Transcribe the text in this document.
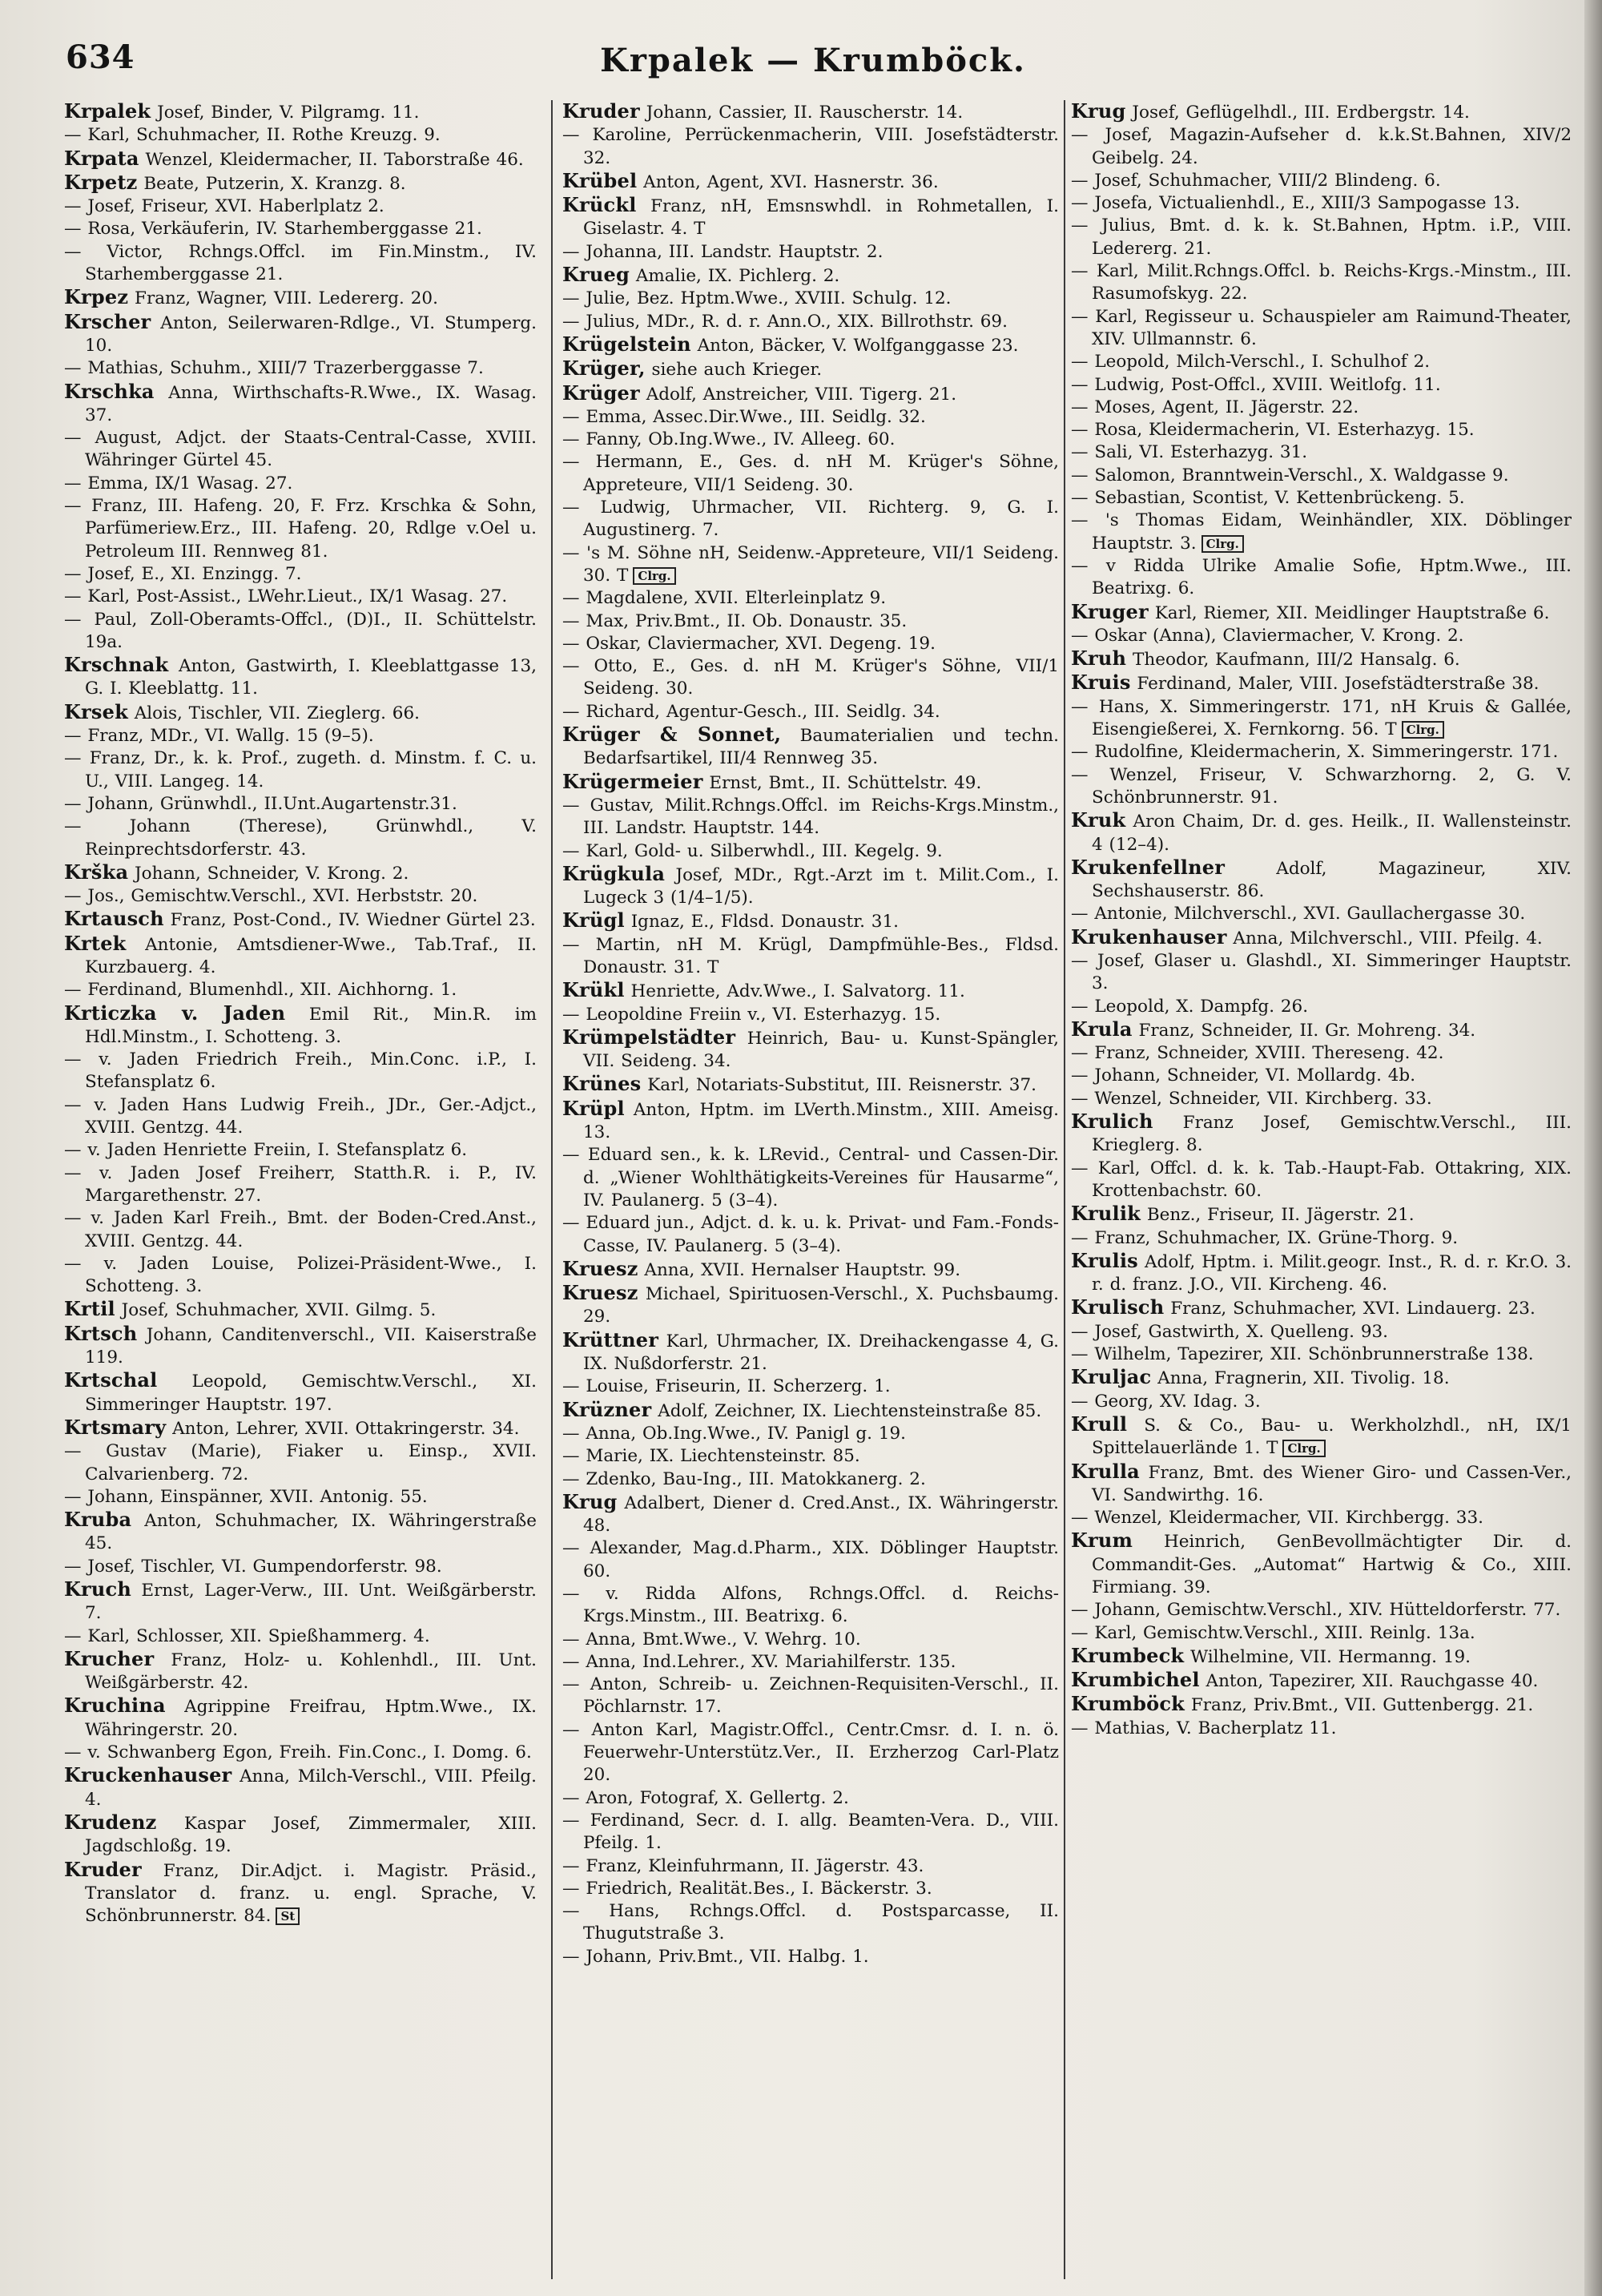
634	Krpalek — Krumböck.

Krpalek Josef, Binder, V. Pilgramg. 11.

— Karl, Schuhmacher, II. Rothe Kreuzg. 9.

Krpata Wenzel, Kleidermacher, II. Taborstraße 46.

Krpetz Beate, Putzerin, X. Kranzg. 8.

— Josef, Friseur, XVI. Haberlplatz 2.

— Rosa, Verkäuferin, IV. Starhemberggasse 21.

— Victor, Rchngs.Offcl. im Fin.Minstm., IV. Starhemberggasse 21.

Krpez Franz, Wagner, VIII. Ledererg. 20.

Krscher Anton, Seilerwaren-Rdlge., VI. Stumperg. 10.

— Mathias, Schuhm., XIII/7 Trazerberggasse 7.

Krschka Anna, Wirthschafts-R.Wwe., IX. Wasag. 37.

— August, Adjct. der Staats-Central-Casse, XVIII. Währinger Gürtel 45.

— Emma, IX/1 Wasag. 27.

— Franz, III. Hafeng. 20, F. Frz. Krschka & Sohn, Parfümeriew.Erz., III. Hafeng. 20, Rdlge v.Oel u. Petroleum III. Rennweg 81.

— Josef, E., XI. Enzingg. 7.

— Karl, Post-Assist., LWehr.Lieut., IX/1 Wasag. 27.

— Paul, Zoll-Oberamts-Offcl., (D)I., II. Schüttelstr. 19a.

Krschnak Anton, Gastwirth, I. Kleeblattgasse 13, G. I. Kleeblattg. 11.

Krsek Alois, Tischler, VII. Zieglerg. 66.

— Franz, MDr., VI. Wallg. 15 (9–5).

— Franz, Dr., k. k. Prof., zugeth. d. Minstm. f. C. u. U., VIII. Langeg. 14.

— Johann, Grünwhdl., II.Unt.Augartenstr.31.

— Johann (Therese), Grünwhdl., V. Reinprechtsdorferstr. 43.

Krška Johann, Schneider, V. Krong. 2.

— Jos., Gemischtw.Verschl., XVI. Herbststr. 20.

Krtausch Franz, Post-Cond., IV. Wiedner Gürtel 23.

Krtek Antonie, Amtsdiener-Wwe., Tab.Traf., II. Kurzbauerg. 4.

— Ferdinand, Blumenhdl., XII. Aichhorng. 1.

Krticzka v. Jaden Emil Rit., Min.R. im Hdl.Minstm., I. Schotteng. 3.

— v. Jaden Friedrich Freih., Min.Conc. i.P., I. Stefansplatz 6.

— v. Jaden Hans Ludwig Freih., JDr., Ger.-Adjct., XVIII. Gentzg. 44.

— v. Jaden Henriette Freiin, I. Stefansplatz 6.

— v. Jaden Josef Freiherr, Statth.R. i. P., IV. Margarethenstr. 27.

— v. Jaden Karl Freih., Bmt. der Boden-Cred.Anst., XVIII. Gentzg. 44.

— v. Jaden Louise, Polizei-Präsident-Wwe., I. Schotteng. 3.

Krtil Josef, Schuhmacher, XVII. Gilmg. 5.

Krtsch Johann, Canditenverschl., VII. Kaiserstraße 119.

Krtschal Leopold, Gemischtw.Verschl., XI. Simmeringer Hauptstr. 197.

Krtsmary Anton, Lehrer, XVII. Ottakringerstr. 34.

— Gustav (Marie), Fiaker u. Einsp., XVII. Calvarienberg. 72.

— Johann, Einspänner, XVII. Antonig. 55.

Kruba Anton, Schuhmacher, IX. Währingerstraße 45.

— Josef, Tischler, VI. Gumpendorferstr. 98.

Kruch Ernst, Lager-Verw., III. Unt. Weißgärberstr. 7.

— Karl, Schlosser, XII. Spießhammerg. 4.

Krucher Franz, Holz- u. Kohlenhdl., III. Unt. Weißgärberstr. 42.

Kruchina Agrippine Freifrau, Hptm.Wwe., IX. Währingerstr. 20.

— v. Schwanberg Egon, Freih. Fin.Conc., I. Domg. 6.

Kruckenhauser Anna, Milch-Verschl., VIII. Pfeilg. 4.

Krudenz Kaspar Josef, Zimmermaler, XIII. Jagdschloßg. 19.

Kruder Franz, Dir.Adjct. i. Magistr. Präsid., Translator d. franz. u. engl. Sprache, V. Schönbrunnerstr. 84. St

Kruder Johann, Cassier, II. Rauscherstr. 14.

— Karoline, Perrückenmacherin, VIII. Josefstädterstr. 32.

Krübel Anton, Agent, XVI. Hasnerstr. 36.

Krückl Franz, nH, Emsnswhdl. in Rohmetallen, I. Giselastr. 4. T

— Johanna, III. Landstr. Hauptstr. 2.

Krueg Amalie, IX. Pichlerg. 2.

— Julie, Bez. Hptm.Wwe., XVIII. Schulg. 12.

— Julius, MDr., R. d. r. Ann.O., XIX. Billrothstr. 69.

Krügelstein Anton, Bäcker, V. Wolfganggasse 23.

Krüger, siehe auch Krieger.

Krüger Adolf, Anstreicher, VIII. Tigerg. 21.

— Emma, Assec.Dir.Wwe., III. Seidlg. 32.

— Fanny, Ob.Ing.Wwe., IV. Alleeg. 60.

— Hermann, E., Ges. d. nH M. Krüger's Söhne, Appreteure, VII/1 Seideng. 30.

— Ludwig, Uhrmacher, VII. Richterg. 9, G. I. Augustinerg. 7.

— 's M. Söhne nH, Seidenw.-Appreteure, VII/1 Seideng. 30. T Clrg.

— Magdalene, XVII. Elterleinplatz 9.

— Max, Priv.Bmt., II. Ob. Donaustr. 35.

— Oskar, Claviermacher, XVI. Degeng. 19.

— Otto, E., Ges. d. nH M. Krüger's Söhne, VII/1 Seideng. 30.

— Richard, Agentur-Gesch., III. Seidlg. 34.

Krüger & Sonnet, Baumaterialien und techn. Bedarfsartikel, III/4 Rennweg 35.

Krügermeier Ernst, Bmt., II. Schüttelstr. 49.

— Gustav, Milit.Rchngs.Offcl. im Reichs-Krgs.Minstm., III. Landstr. Hauptstr. 144.

— Karl, Gold- u. Silberwhdl., III. Kegelg. 9.

Krügkula Josef, MDr., Rgt.-Arzt im t. Milit.Com., I. Lugeck 3 (1/4–1/5).

Krügl Ignaz, E., Fldsd. Donaustr. 31.

— Martin, nH M. Krügl, Dampfmühle-Bes., Fldsd. Donaustr. 31. T

Krükl Henriette, Adv.Wwe., I. Salvatorg. 11.

— Leopoldine Freiin v., VI. Esterhazyg. 15.

Krümpelstädter Heinrich, Bau- u. Kunst-Spängler, VII. Seideng. 34.

Krünes Karl, Notariats-Substitut, III. Reisnerstr. 37.

Krüpl Anton, Hptm. im LVerth.Minstm., XIII. Ameisg. 13.

— Eduard sen., k. k. LRevid., Central- und Cassen-Dir. d. „Wiener Wohlthätigkeits-Vereines für Hausarme“, IV. Paulanerg. 5 (3–4).

— Eduard jun., Adjct. d. k. u. k. Privat- und Fam.-Fonds-Casse, IV. Paulanerg. 5 (3–4).

Kruesz Anna, XVII. Hernalser Hauptstr. 99.

Kruesz Michael, Spirituosen-Verschl., X. Puchsbaumg. 29.

Krüttner Karl, Uhrmacher, IX. Dreihackengasse 4, G. IX. Nußdorferstr. 21.

— Louise, Friseurin, II. Scherzerg. 1.

Krüzner Adolf, Zeichner, IX. Liechtensteinstraße 85.

— Anna, Ob.Ing.Wwe., IV. Panigl g. 19.

— Marie, IX. Liechtensteinstr. 85.

— Zdenko, Bau-Ing., III. Matokkanerg. 2.

Krug Adalbert, Diener d. Cred.Anst., IX. Währingerstr. 48.

— Alexander, Mag.d.Pharm., XIX. Döblinger Hauptstr. 60.

— v. Ridda Alfons, Rchngs.Offcl. d. Reichs-Krgs.Minstm., III. Beatrixg. 6.

— Anna, Bmt.Wwe., V. Wehrg. 10.

— Anna, Ind.Lehrer., XV. Mariahilferstr. 135.

— Anton, Schreib- u. Zeichnen-Requisiten-Verschl., II. Pöchlarnstr. 17.

— Anton Karl, Magistr.Offcl., Centr.Cmsr. d. I. n. ö. Feuerwehr-Unterstütz.Ver., II. Erzherzog Carl-Platz 20.

— Aron, Fotograf, X. Gellertg. 2.

— Ferdinand, Secr. d. I. allg. Beamten-Vera. D., VIII. Pfeilg. 1.

— Franz, Kleinfuhrmann, II. Jägerstr. 43.

— Friedrich, Realität.Bes., I. Bäckerstr. 3.

— Hans, Rchngs.Offcl. d. Postsparcasse, II. Thugutstraße 3.

— Johann, Priv.Bmt., VII. Halbg. 1.

Krug Josef, Geflügelhdl., III. Erdbergstr. 14.

— Josef, Magazin-Aufseher d. k.k.St.Bahnen, XIV/2 Geibelg. 24.

— Josef, Schuhmacher, VIII/2 Blindeng. 6.

— Josefa, Victualienhdl., E., XIII/3 Sampogasse 13.

— Julius, Bmt. d. k. k. St.Bahnen, Hptm. i.P., VIII. Ledererg. 21.

— Karl, Milit.Rchngs.Offcl. b. Reichs-Krgs.-Minstm., III. Rasumofskyg. 22.

— Karl, Regisseur u. Schauspieler am Raimund-Theater, XIV. Ullmannstr. 6.

— Leopold, Milch-Verschl., I. Schulhof 2.

— Ludwig, Post-Offcl., XVIII. Weitlofg. 11.

— Moses, Agent, II. Jägerstr. 22.

— Rosa, Kleidermacherin, VI. Esterhazyg. 15.

— Sali, VI. Esterhazyg. 31.

— Salomon, Branntwein-Verschl., X. Waldgasse 9.

— Sebastian, Scontist, V. Kettenbrückeng. 5.

— 's Thomas Eidam, Weinhändler, XIX. Döblinger Hauptstr. 3. Clrg.

— v Ridda Ulrike Amalie Sofie, Hptm.Wwe., III. Beatrixg. 6.

Kruger Karl, Riemer, XII. Meidlinger Hauptstraße 6.

— Oskar (Anna), Claviermacher, V. Krong. 2.

Kruh Theodor, Kaufmann, III/2 Hansalg. 6.

Kruis Ferdinand, Maler, VIII. Josefstädterstraße 38.

— Hans, X. Simmeringerstr. 171, nH Kruis & Gallée, Eisengießerei, X. Fernkorng. 56. T Clrg.

— Rudolfine, Kleidermacherin, X. Simmeringerstr. 171.

— Wenzel, Friseur, V. Schwarzhorng. 2, G. V. Schönbrunnerstr. 91.

Kruk Aron Chaim, Dr. d. ges. Heilk., II. Wallensteinstr. 4 (12–4).

Krukenfellner Adolf, Magazineur, XIV. Sechshauserstr. 86.

— Antonie, Milchverschl., XVI. Gaullachergasse 30.

Krukenhauser Anna, Milchverschl., VIII. Pfeilg. 4.

— Josef, Glaser u. Glashdl., XI. Simmeringer Hauptstr. 3.

— Leopold, X. Dampfg. 26.

Krula Franz, Schneider, II. Gr. Mohreng. 34.

— Franz, Schneider, XVIII. Thereseng. 42.

— Johann, Schneider, VI. Mollardg. 4b.

— Wenzel, Schneider, VII. Kirchberg. 33.

Krulich Franz Josef, Gemischtw.Verschl., III. Krieglerg. 8.

— Karl, Offcl. d. k. k. Tab.-Haupt-Fab. Ottakring, XIX. Krottenbachstr. 60.

Krulik Benz., Friseur, II. Jägerstr. 21.

— Franz, Schuhmacher, IX. Grüne-Thorg. 9.

Krulis Adolf, Hptm. i. Milit.geogr. Inst., R. d. r. Kr.O. 3. r. d. franz. J.O., VII. Kircheng. 46.

Krulisch Franz, Schuhmacher, XVI. Lindauerg. 23.

— Josef, Gastwirth, X. Quelleng. 93.

— Wilhelm, Tapezirer, XII. Schönbrunnerstraße 138.

Kruljac Anna, Fragnerin, XII. Tivolig. 18.

— Georg, XV. Idag. 3.

Krull S. & Co., Bau- u. Werkholzhdl., nH, IX/1 Spittelauerlände 1. T Clrg.

Krulla Franz, Bmt. des Wiener Giro- und Cassen-Ver., VI. Sandwirthg. 16.

— Wenzel, Kleidermacher, VII. Kirchbergg. 33.

Krum Heinrich, GenBevollmächtigter Dir. d. Commandit-Ges. „Automat“ Hartwig & Co., XIII. Firmiang. 39.

— Johann, Gemischtw.Verschl., XIV. Hütteldorferstr. 77.

— Karl, Gemischtw.Verschl., XIII. Reinlg. 13a.

Krumbeck Wilhelmine, VII. Hermanng. 19.

Krumbichel Anton, Tapezirer, XII. Rauchgasse 40.

Krumböck Franz, Priv.Bmt., VII. Guttenbergg. 21.

— Mathias, V. Bacherplatz 11.
